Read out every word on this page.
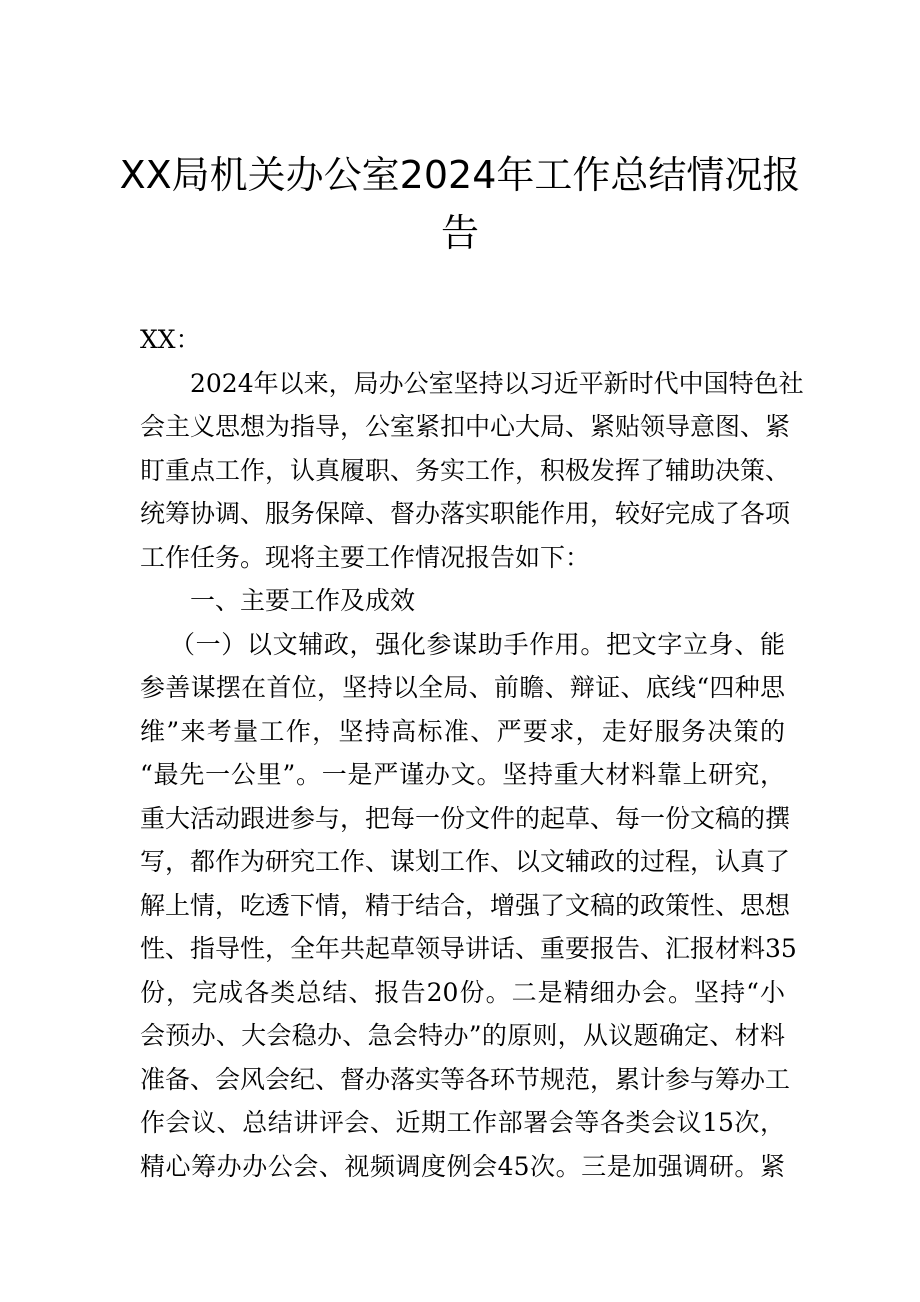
XX局机关办公室2024年工作总结情况报
告
XX：
2024年以来，局办公室坚持以习近平新时代中国特色社
会主义思想为指导，公室紧扣中心大局、紧贴领导意图、紧
盯重点工作，认真履职、务实工作，积极发挥了辅助决策、
统筹协调、服务保障、督办落实职能作用，较好完成了各项
工作任务。现将主要工作情况报告如下：
一、主要工作及成效
（一）以文辅政，强化参谋助手作用。把文字立身、能
参善谋摆在首位，坚持以全局、前瞻、辩证、底线“四种思
维”来考量工作，坚持高标准、严要求，走好服务决策的
“最先一公里”。一是严谨办文。坚持重大材料靠上研究，
重大活动跟进参与，把每一份文件的起草、每一份文稿的撰
写，都作为研究工作、谋划工作、以文辅政的过程，认真了
解上情，吃透下情，精于结合，增强了文稿的政策性、思想
性、指导性，全年共起草领导讲话、重要报告、汇报材料35
份，完成各类总结、报告20份。二是精细办会。坚持“小
会预办、大会稳办、急会特办”的原则，从议题确定、材料
准备、会风会纪、督办落实等各环节规范，累计参与筹办工
作会议、总结讲评会、近期工作部署会等各类会议15次，
精心筹办办公会、视频调度例会45次。三是加强调研。紧
